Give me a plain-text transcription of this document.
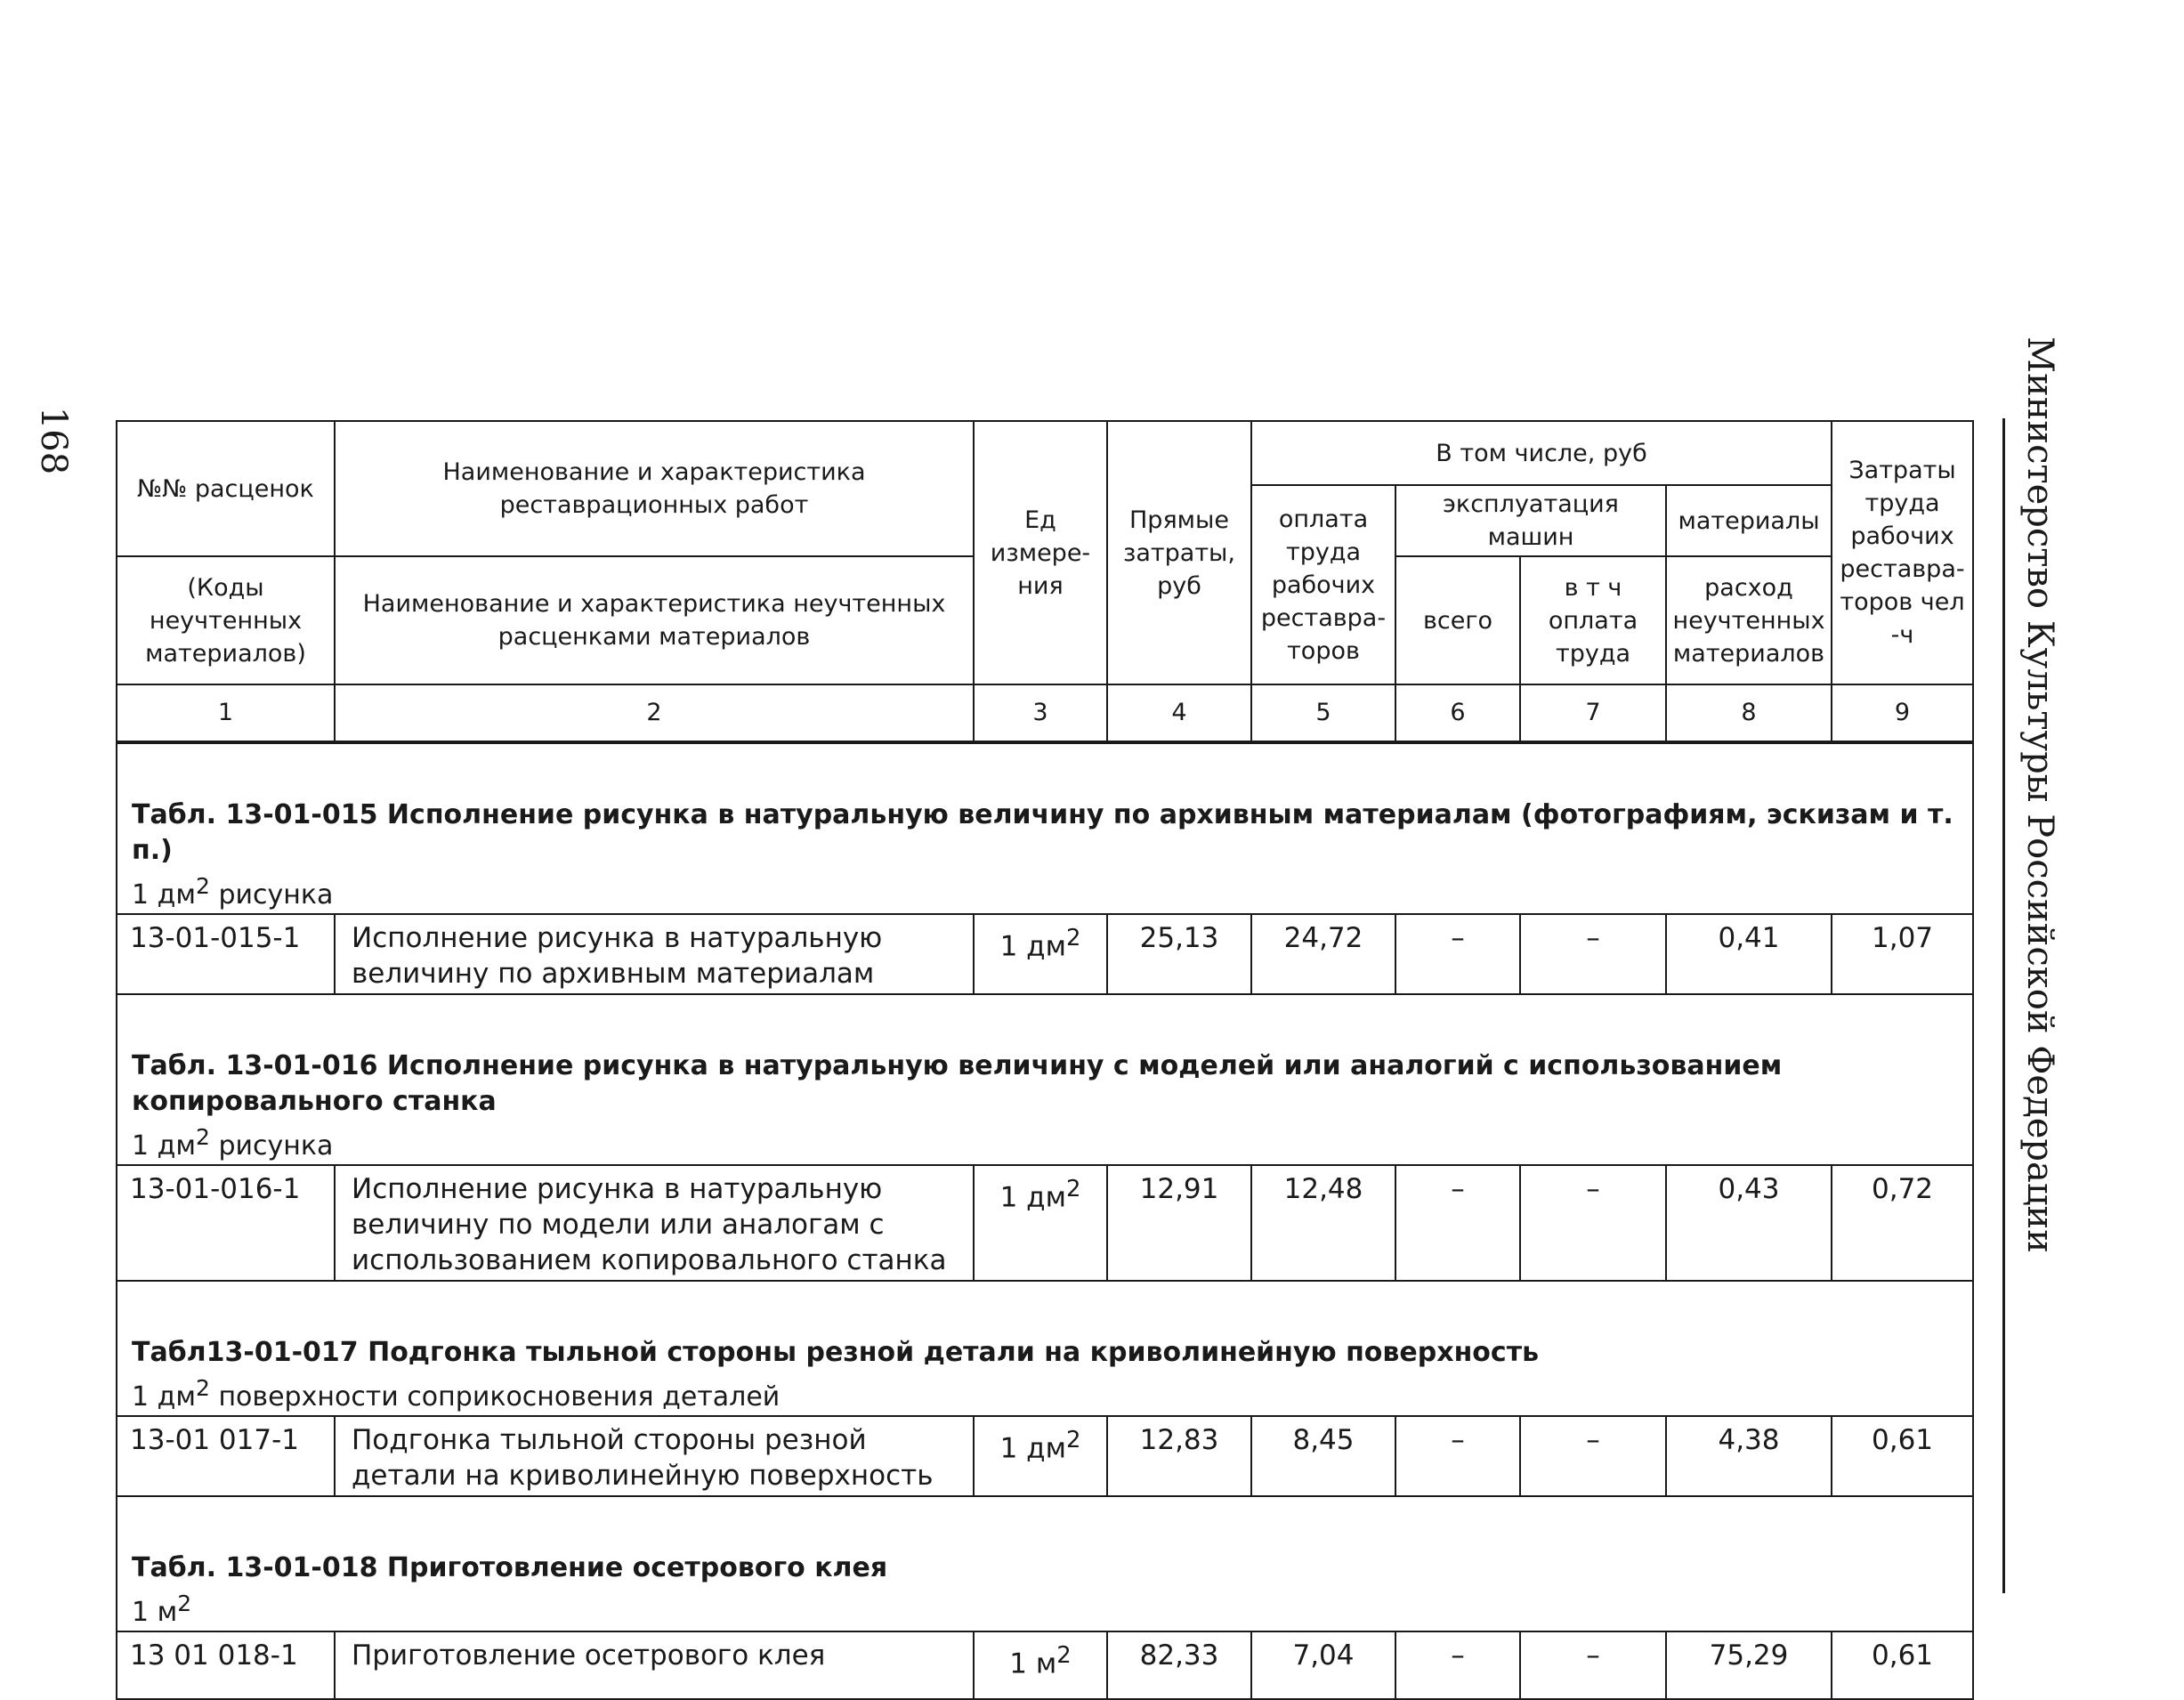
168	Министерство Культуры Российской Федерации
№№ расценок	Наименование и характеристика реставрационных работ	Ед измере-ния	Прямые затраты, руб	В том числе, руб				Затраты труда рабочих реставра-торов чел -ч
				оплата труда рабочих реставра-торов	эксплуатация машин		материалы	
(Коды неучтенных материалов)	Наименование и характеристика неучтенных расценками материалов				всего	в т ч оплата труда	расход неучтенных материалов	

1	2	3	4	5	6	7	8	9

Табл. 13-01-015 Исполнение рисунка в натуральную величину по архивным материалам (фотографиям, эскизам и т. п.)
1 $дм^2$ рисунка								

13-01-015-1	Исполнение рисунка в натуральную величину по архивным материалам	1 $дм^2$	25,13	24,72	–	–	0,41	1,07

Табл. 13-01-016 Исполнение рисунка в натуральную величину с моделей или аналогий с использованием копировального станка
1 $дм^2$ рисунка								

13-01-016-1	Исполнение рисунка в натуральную величину по модели или аналогам с использованием копировального станка	1 $дм^2$	12,91	12,48	–	–	0,43	0,72

Табл13-01-017 Подгонка тыльной стороны резной детали на криволинейную поверхность
1 $дм^2$ поверхности соприкосновения деталей								

13-01 017-1	Подгонка тыльной стороны резной детали на криволинейную поверхность	1 $дм^2$	12,83	8,45	–	–	4,38	0,61

Табл. 13-01-018 Приготовление осетрового клея
1 $м^2$

13 01 018-1	Приготовление осетрового клея	1 $м^2$	82,33	7,04	–	–	75,29	0,61
